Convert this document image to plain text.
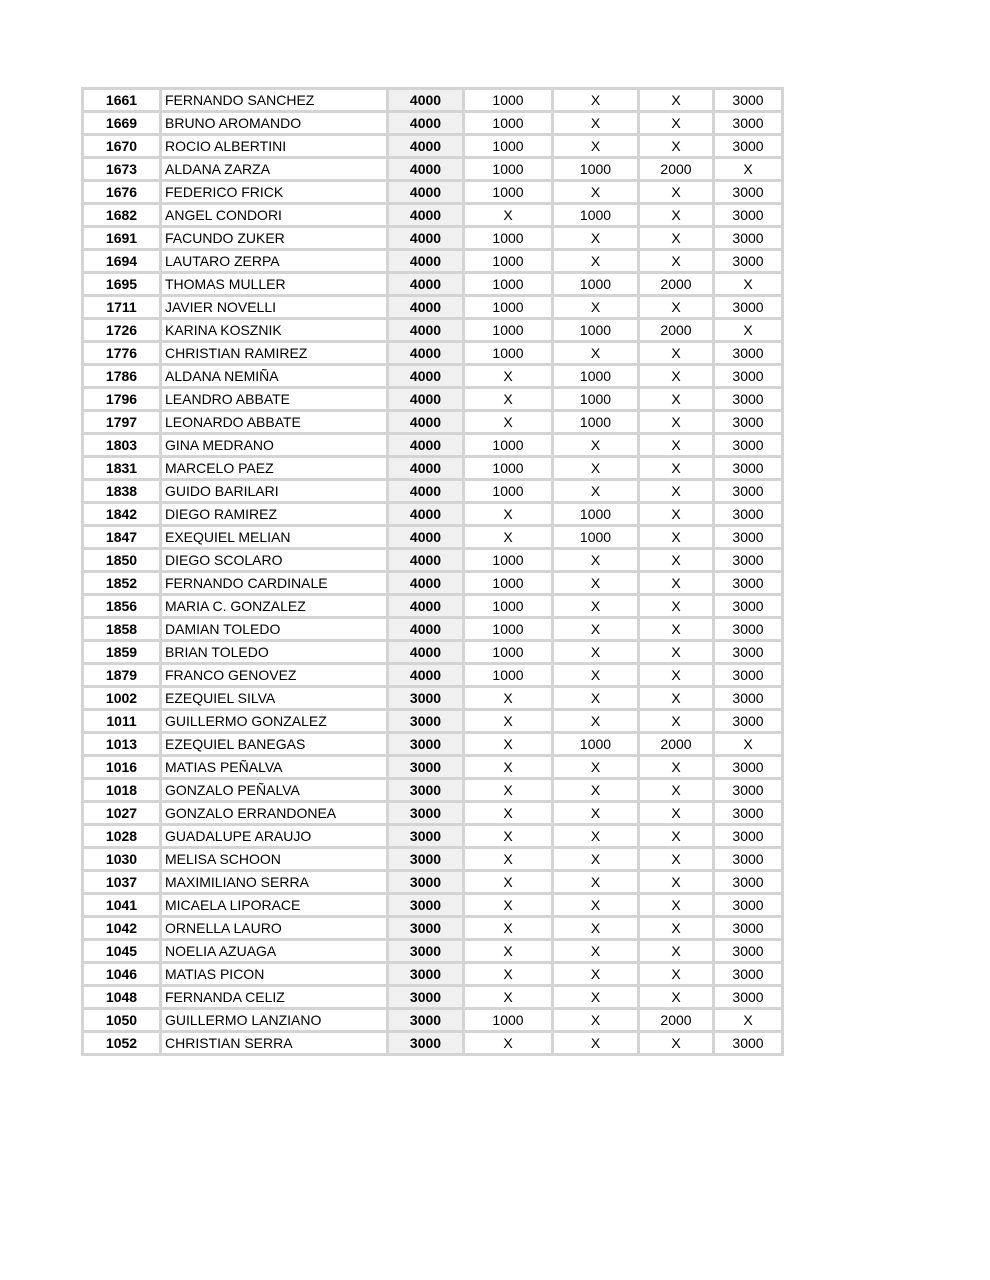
1661	FERNANDO SANCHEZ	4000	1000	X	X	3000
1669	BRUNO AROMANDO	4000	1000	X	X	3000
1670	ROCIO ALBERTINI	4000	1000	X	X	3000
1673	ALDANA ZARZA	4000	1000	1000	2000	X
1676	FEDERICO FRICK	4000	1000	X	X	3000
1682	ANGEL CONDORI	4000	X	1000	X	3000
1691	FACUNDO ZUKER	4000	1000	X	X	3000
1694	LAUTARO ZERPA	4000	1000	X	X	3000
1695	THOMAS MULLER	4000	1000	1000	2000	X
1711	JAVIER NOVELLI	4000	1000	X	X	3000
1726	KARINA KOSZNIK	4000	1000	1000	2000	X
1776	CHRISTIAN RAMIREZ	4000	1000	X	X	3000
1786	ALDANA NEMIÑA	4000	X	1000	X	3000
1796	LEANDRO ABBATE	4000	X	1000	X	3000
1797	LEONARDO ABBATE	4000	X	1000	X	3000
1803	GINA MEDRANO	4000	1000	X	X	3000
1831	MARCELO PAEZ	4000	1000	X	X	3000
1838	GUIDO BARILARI	4000	1000	X	X	3000
1842	DIEGO RAMIREZ	4000	X	1000	X	3000
1847	EXEQUIEL MELIAN	4000	X	1000	X	3000
1850	DIEGO SCOLARO	4000	1000	X	X	3000
1852	FERNANDO CARDINALE	4000	1000	X	X	3000
1856	MARIA C. GONZALEZ	4000	1000	X	X	3000
1858	DAMIAN TOLEDO	4000	1000	X	X	3000
1859	BRIAN TOLEDO	4000	1000	X	X	3000
1879	FRANCO GENOVEZ	4000	1000	X	X	3000
1002	EZEQUIEL SILVA	3000	X	X	X	3000
1011	GUILLERMO GONZALEZ	3000	X	X	X	3000
1013	EZEQUIEL BANEGAS	3000	X	1000	2000	X
1016	MATIAS PEÑALVA	3000	X	X	X	3000
1018	GONZALO PEÑALVA	3000	X	X	X	3000
1027	GONZALO ERRANDONEA	3000	X	X	X	3000
1028	GUADALUPE ARAUJO	3000	X	X	X	3000
1030	MELISA SCHOON	3000	X	X	X	3000
1037	MAXIMILIANO SERRA	3000	X	X	X	3000
1041	MICAELA LIPORACE	3000	X	X	X	3000
1042	ORNELLA LAURO	3000	X	X	X	3000
1045	NOELIA AZUAGA	3000	X	X	X	3000
1046	MATIAS PICON	3000	X	X	X	3000
1048	FERNANDA CELIZ	3000	X	X	X	3000
1050	GUILLERMO LANZIANO	3000	1000	X	2000	X
1052	CHRISTIAN SERRA	3000	X	X	X	3000
